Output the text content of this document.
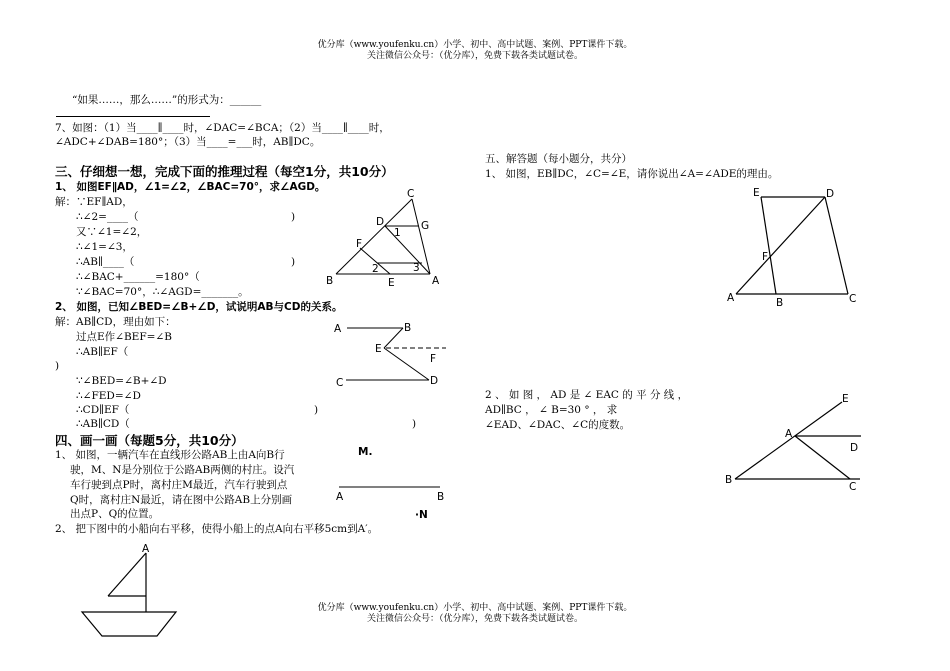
优分库（www.youfenku.cn）小学、初中、高中试题、案例、PPT课件下载。
关注微信公众号：（优分库），免费下载各类试题试卷。
优分库（www.youfenku.cn）小学、初中、高中试题、案例、PPT课件下载。
关注微信公众号：（优分库），免费下载各类试题试卷。
“如果……，那么……”的形式为：______
7、如图：（1）当____∥____时，∠DAC=∠BCA；（2）当____∥____时，
∠ADC+∠DAB=180°；（3）当____=___时，AB∥DC。
三、仔细想一想，完成下面的推理过程（每空1分，共10分）
1、 如图EF∥AD，∠1=∠2，∠BAC=70°，求∠AGD。
解：∵EF∥AD，
∴∠2=____（	)
又∵∠1=∠2，
∴∠1=∠3，
∴AB∥____（	)
∴∠BAC+______=180°（
∵∠BAC=70°，∴∠AGD=_______。
2、 如图，已知∠BED=∠B+∠D，试说明AB与CD的关系。
解：AB∥CD，理由如下：
过点E作∠BEF=∠B
∴AB∥EF（
)
∵∠BED=∠B+∠D
∴∠FED=∠D
∴CD∥EF（	)
∴AB∥CD（	)
四、画一画（每题5分，共10分）
1、 如图，一辆汽车在直线形公路AB上由A向B行
驶，M、N是分别位于公路AB两侧的村庄。设汽
车行驶到点P时，离村庄M最近，汽车行驶到点
Q时，离村庄N最近，请在图中公路AB上分别画
出点P、Q的位置。
2、 把下图中的小船向右平移，使得小船上的点A向右平移5cm到A′。
五、解答题（每小题分，共分）
1、 如图，EB∥DC，∠C=∠E，请你说出∠A=∠ADE的理由。
2 、 如 图 ， AD 是 ∠ EAC 的 平 分 线 ，
AD∥BC ， ∠ B=30 ° ， 求
∠EAD、∠DAC、∠C的度数。
C
D	G
1
F
2	3
B	E	A
A	B
E
F
C	D
M.
A	B
·N
A
E	D
F
A	B	C
E
A
D
B
C
